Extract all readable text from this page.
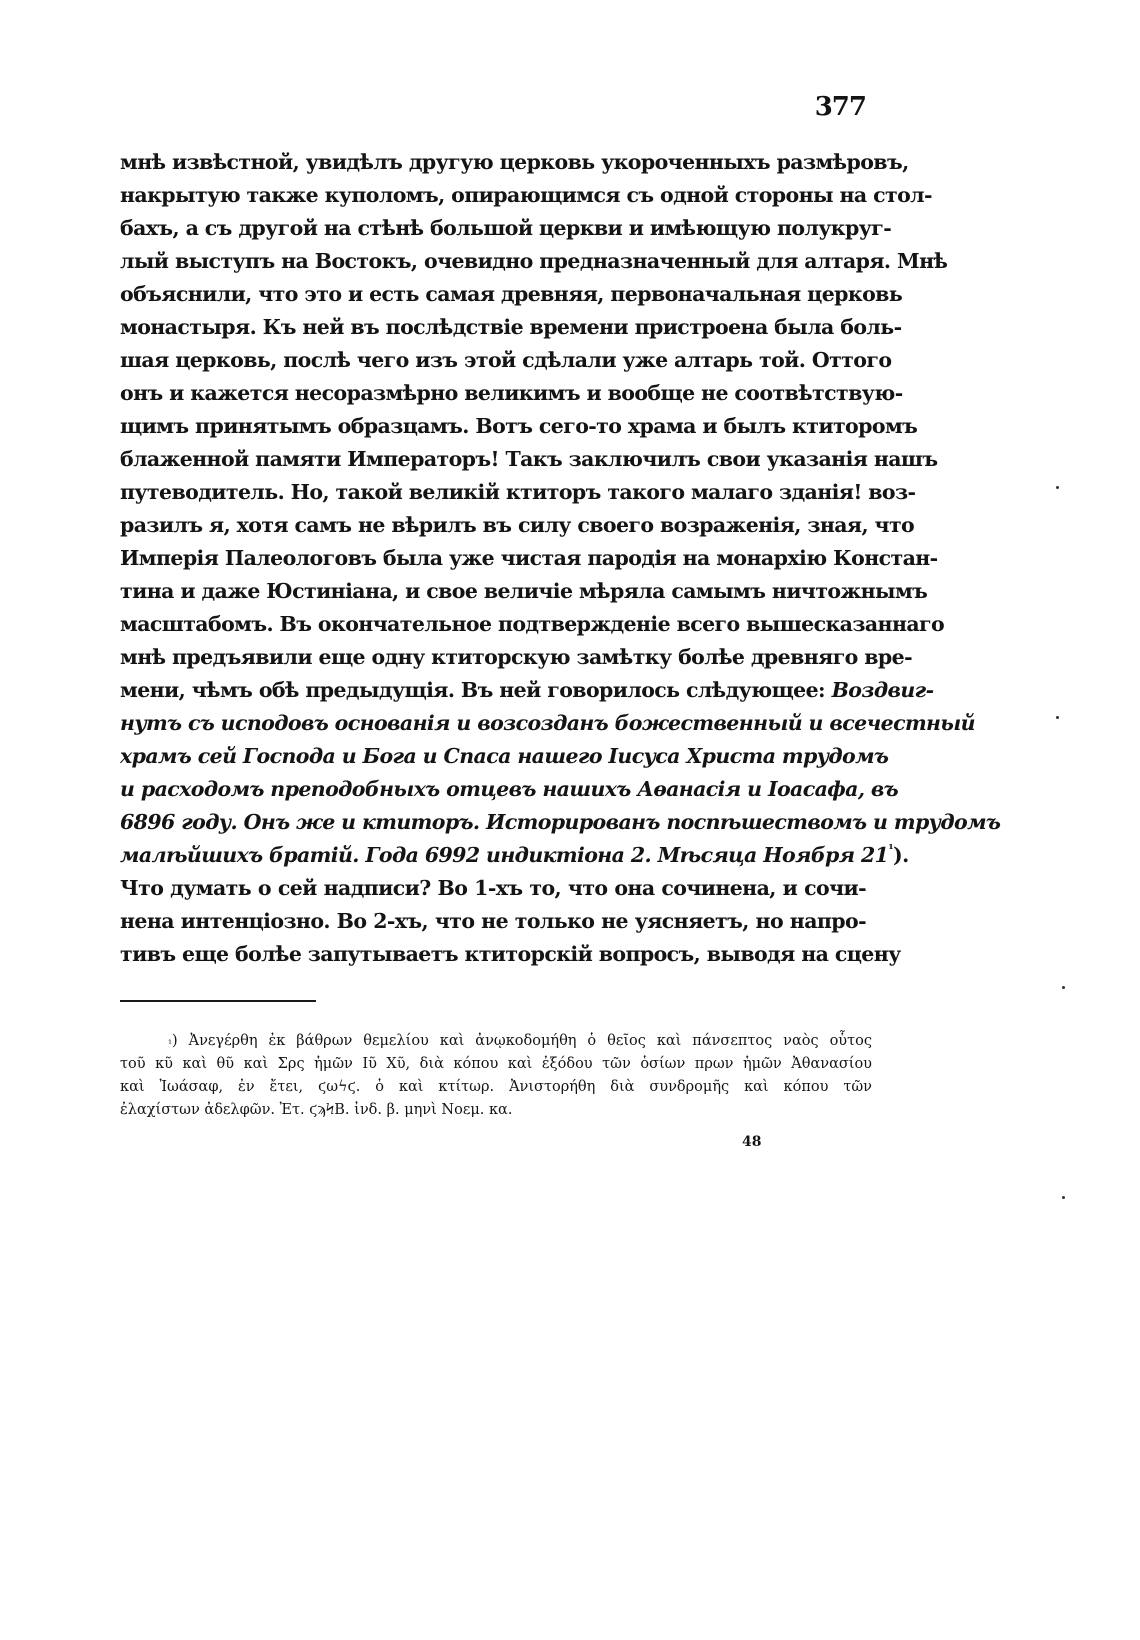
377
мнѣ извѣстной, увидѣлъ другую церковь укороченныхъ размѣровъ,
накрытую также куполомъ, опирающимся съ одной стороны на стол-
бахъ, а съ другой на стѣнѣ большой церкви и имѣющую полукруг-
лый выступъ на Востокъ, очевидно предназначенный для алтаря. Мнѣ
объяснили, что это и есть самая древняя, первоначальная церковь
монастыря. Къ ней въ послѣдствіе времени пристроена была боль-
шая церковь, послѣ чего изъ этой сдѣлали уже алтарь той. Оттого
онъ и кажется несоразмѣрно великимъ и вообще не соотвѣтствую-
щимъ принятымъ образцамъ. Вотъ сего-то храма и былъ ктиторомъ
блаженной памяти Императоръ! Такъ заключилъ свои указанія нашъ
путеводитель. Но, такой великій ктиторъ такого малаго зданія! воз-
разилъ я, хотя самъ не вѣрилъ въ силу своего возраженія, зная, что
Имперія Палеологовъ была уже чистая пародія на монархію Констан-
тина и даже Юстиніана, и свое величіе мѣряла самымъ ничтожнымъ
масштабомъ. Въ окончательное подтвержденіе всего вышесказаннаго
мнѣ предъявили еще одну ктиторскую замѣтку болѣе древняго вре-
мени, чѣмъ обѣ предыдущія. Въ ней говорилось слѣдующее: Воздвиг-
нутъ съ исподовъ основанія и возсозданъ божественный и всечестный
храмъ сей Господа и Бога и Спаса нашего Іисуса Христа трудомъ
и расходомъ преподобныхъ отцевъ нашихъ Аѳанасія и Іоасафа, въ
6896 году. Онъ же и ктиторъ. Исторированъ поспѣшествомъ и трудомъ
малѣйшихъ братій. Года 6992 индиктіона 2. Мѣсяца Ноября 21$^{^1}$).
Что думать о сей надписи? Во 1-хъ то, что она сочинена, и сочи-
нена интенціозно. Во 2-хъ, что не только не уясняетъ, но напро-
тивъ еще болѣе запутываетъ ктиторскій вопросъ, выводя на сцену
$^{^1}$) Ἀνεγέρθη ἐκ βάθρων θεμελίου καὶ ἀνῳκοδομήθη ὁ θεῖος καὶ πάνσεπτος ναὸς οὗτος
τοῦ κῦ καὶ θῦ καὶ Σρς ἡμῶν Ιῦ Χῦ, διὰ κόπου καὶ ἐξόδου τῶν ὁσίων πρων ἡμῶν Ἀθανασίου
καὶ Ἰωάσαφ, ἐν ἔτει, ϛωϟϛ. ὁ καὶ κτίτωρ. Ἀνιστορήθη διὰ συνδρομῆς καὶ κόπου τῶν
ἐλαχίστων ἀδελφῶν. Ἐτ. ϛϡϞΒ. ἰνδ. β. μηνὶ Νοεμ. κα.
48
